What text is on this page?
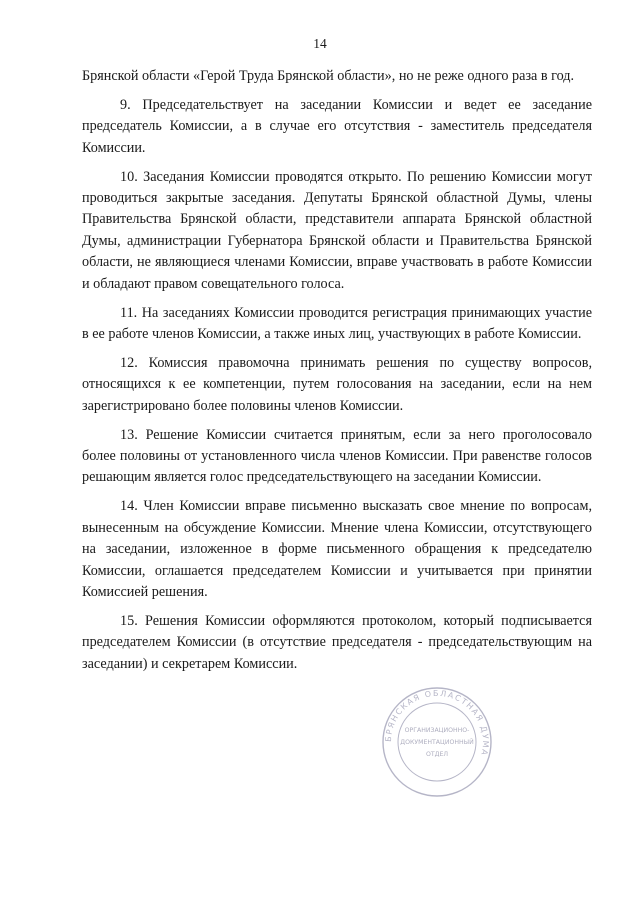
14

Брянской области «Герой Труда Брянской области», но не реже одного раза в год.

9. Председательствует на заседании Комиссии и ведет ее заседание председатель Комиссии, а в случае его отсутствия - заместитель председателя Комиссии.

10. Заседания Комиссии проводятся открыто. По решению Комиссии могут проводиться закрытые заседания. Депутаты Брянской областной Думы, члены Правительства Брянской области, представители аппарата Брянской областной Думы, администрации Губернатора Брянской области и Правительства Брянской области, не являющиеся членами Комиссии, вправе участвовать в работе Комиссии и обладают правом совещательного голоса.

11. На заседаниях Комиссии проводится регистрация принимающих участие в ее работе членов Комиссии, а также иных лиц, участвующих в работе Комиссии.

12. Комиссия правомочна принимать решения по существу вопросов, относящихся к ее компетенции, путем голосования на заседании, если на нем зарегистрировано более половины членов Комиссии.

13. Решение Комиссии считается принятым, если за него проголосовало более половины от установленного числа членов Комиссии. При равенстве голосов решающим является голос председательствующего на заседании Комиссии.

14. Член Комиссии вправе письменно высказать свое мнение по вопросам, вынесенным на обсуждение Комиссии. Мнение члена Комиссии, отсутствующего на заседании, изложенное в форме письменного обращения к председателю Комиссии, оглашается председателем Комиссии и учитывается при принятии Комиссией решения.

15. Решения Комиссии оформляются протоколом, который подписывается председателем Комиссии (в отсутствие председателя - председательствующим на заседании) и секретарем Комиссии.

БРЯНСКАЯ ОБЛАСТНАЯ ДУМА
ОРГАНИЗАЦИОННО-
ДОКУМЕНТАЦИОННЫЙ
ОТДЕЛ
